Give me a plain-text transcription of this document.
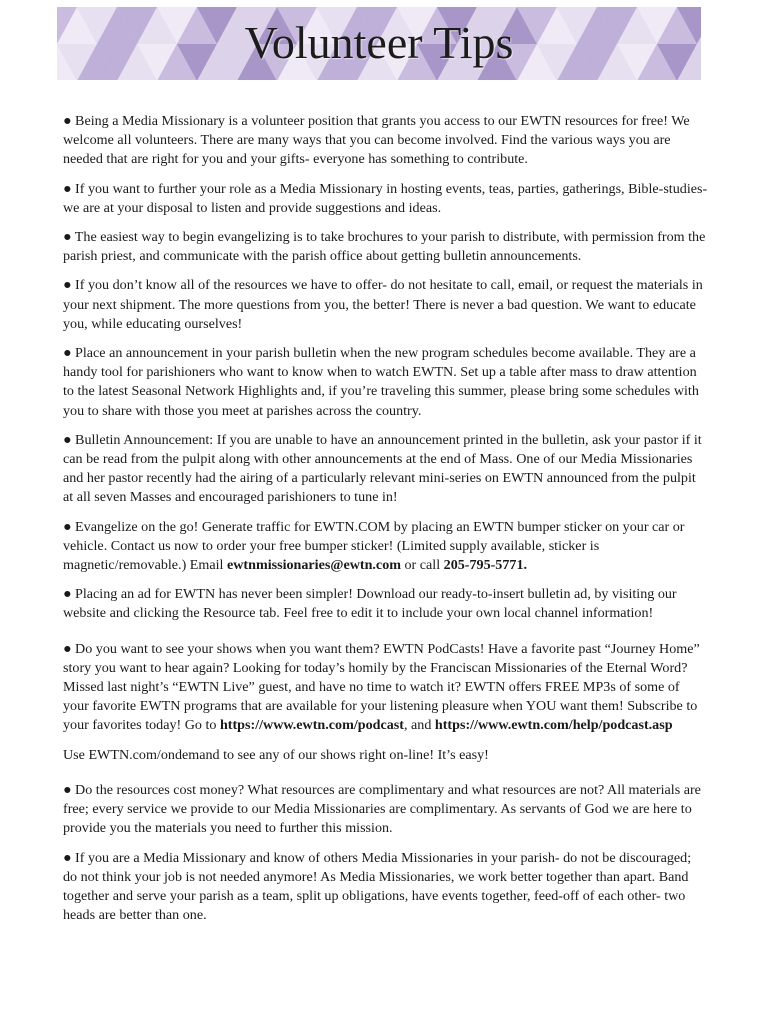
Volunteer Tips

● Being a Media Missionary is a volunteer position that grants you access to our EWTN resources for free! We welcome all volunteers. There are many ways that you can become involved. Find the various ways you are needed that are right for you and your gifts- everyone has something to contribute.

● If you want to further your role as a Media Missionary in hosting events, teas, parties, gatherings, Bible-studies- we are at your disposal to listen and provide suggestions and ideas.

● The easiest way to begin evangelizing is to take brochures to your parish to distribute, with permission from the parish priest, and communicate with the parish office about getting bulletin announcements.

● If you don’t know all of the resources we have to offer- do not hesitate to call, email, or request the materials in your next shipment. The more questions from you, the better! There is never a bad question. We want to educate you, while educating ourselves!

● Place an announcement in your parish bulletin when the new program schedules become available. They are a handy tool for parishioners who want to know when to watch EWTN. Set up a table after mass to draw attention to the latest Seasonal Network Highlights and, if you’re traveling this summer, please bring some schedules with you to share with those you meet at parishes across the country.

● Bulletin Announcement: If you are unable to have an announcement printed in the bulletin, ask your pastor if it can be read from the pulpit along with other announcements at the end of Mass. One of our Media Missionaries and her pastor recently had the airing of a particularly relevant mini-series on EWTN announced from the pulpit at all seven Masses and encouraged parishioners to tune in!

● Evangelize on the go! Generate traffic for EWTN.COM by placing an EWTN bumper sticker on your car or vehicle. Contact us now to order your free bumper sticker! (Limited supply available, sticker is magnetic/removable.) Email ewtnmissionaries@ewtn.com or call 205-795-5771.

● Placing an ad for EWTN has never been simpler! Download our ready-to-insert bulletin ad, by visiting our website and clicking the Resource tab. Feel free to edit it to include your own local channel information!

● Do you want to see your shows when you want them? EWTN PodCasts! Have a favorite past “Journey Home” story you want to hear again? Looking for today’s homily by the Franciscan Missionaries of the Eternal Word? Missed last night’s “EWTN Live” guest, and have no time to watch it? EWTN offers FREE MP3s of some of your favorite EWTN programs that are available for your listening pleasure when YOU want them! Subscribe to your favorites today! Go to https://www.ewtn.com/podcast, and https://www.ewtn.com/help/podcast.asp

Use EWTN.com/ondemand to see any of our shows right on-line! It’s easy!

● Do the resources cost money? What resources are complimentary and what resources are not? All materials are free; every service we provide to our Media Missionaries are complimentary. As servants of God we are here to provide you the materials you need to further this mission.

● If you are a Media Missionary and know of others Media Missionaries in your parish- do not be discouraged; do not think your job is not needed anymore! As Media Missionaries, we work better together than apart. Band together and serve your parish as a team, split up obligations, have events together, feed-off of each other- two heads are better than one.
